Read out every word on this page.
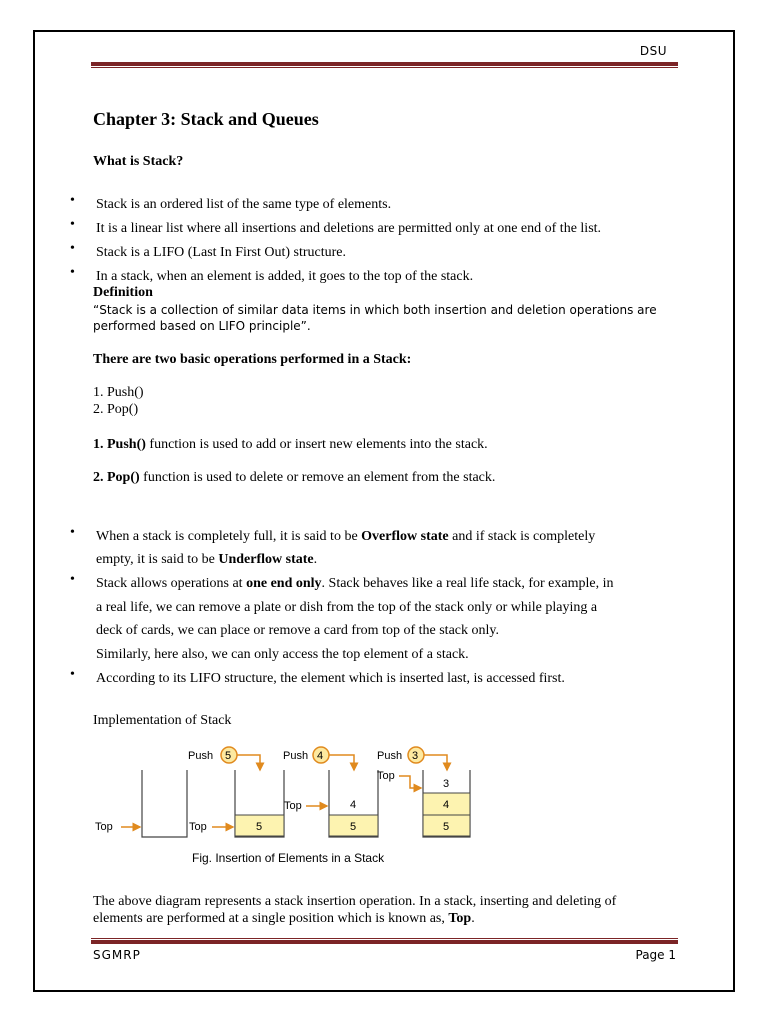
DSU
Chapter 3: Stack and Queues
What is Stack?
• Stack is an ordered list of the same type of elements.
• It is a linear list where all insertions and deletions are permitted only at one end of the list.
• Stack is a LIFO (Last In First Out) structure.
• In a stack, when an element is added, it goes to the top of the stack.
Definition
“Stack is a collection of similar data items in which both insertion and deletion operations are
performed based on LIFO principle”.
There are two basic operations performed in a Stack:
1. Push()
2. Pop()
1. Push() function is used to add or insert new elements into the stack.
2. Pop() function is used to delete or remove an element from the stack.
• When a stack is completely full, it is said to be Overflow state and if stack is completely
empty, it is said to be Underflow state.
• Stack allows operations at one end only. Stack behaves like a real life stack, for example, in
a real life, we can remove a plate or dish from the top of the stack only or while playing a
deck of cards, we can place or remove a card from top of the stack only.
Similarly, here also, we can only access the top element of a stack.
• According to its LIFO structure, the element which is inserted last, is accessed first.
Implementation of Stack
Top
Push 5
5
Top
Push 4
5
4
Top
Push 3
5
4
3
Top
Fig. Insertion of Elements in a Stack
The above diagram represents a stack insertion operation. In a stack, inserting and deleting of
elements are performed at a single position which is known as, Top.
SGMRP	Page 1
